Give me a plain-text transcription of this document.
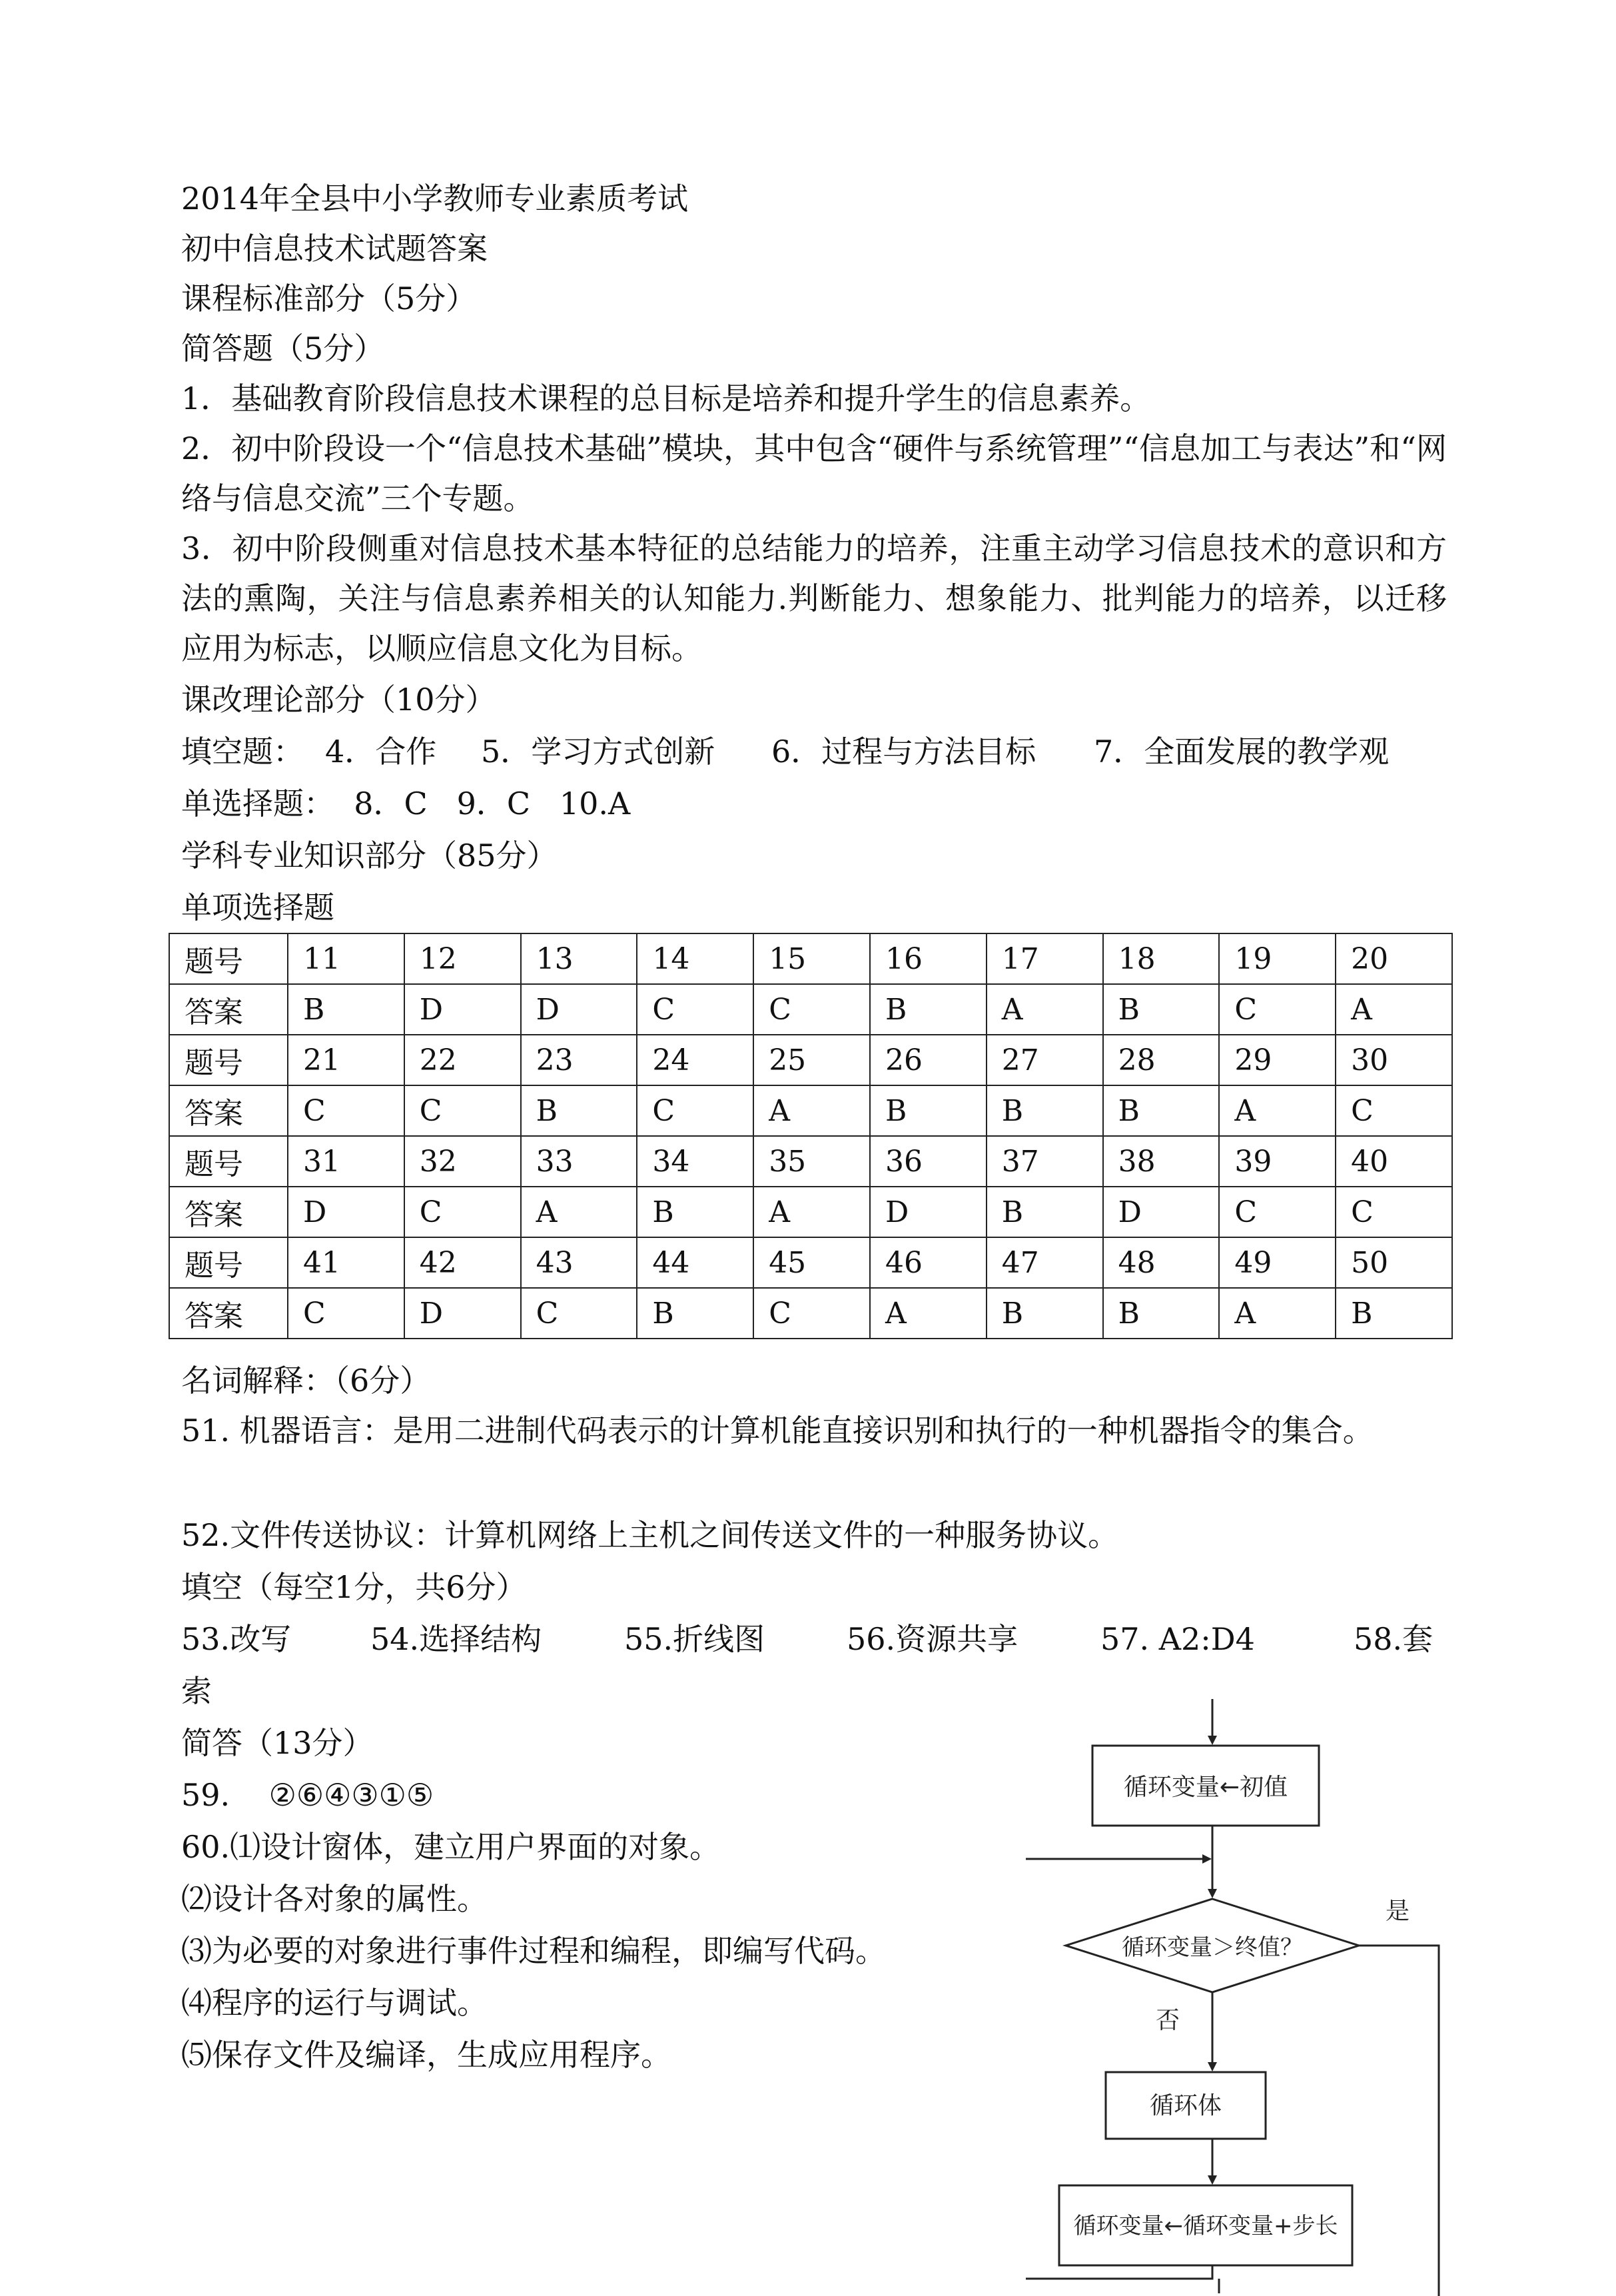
2014年全县中小学教师专业素质考试
初中信息技术试题答案
课程标准部分（5分）
简答题（5分）
1．基础教育阶段信息技术课程的总目标是培养和提升学生的信息素养。
2．初中阶段设一个“信息技术基础”模块，其中包含“硬件与系统管理”“信息加工与表达”和“网络与信息交流”三个专题。
3．初中阶段侧重对信息技术基本特征的总结能力的培养，注重主动学习信息技术的意识和方法的熏陶，关注与信息素养相关的认知能力.判断能力、想象能力、批判能力的培养，以迁移应用为标志，以顺应信息文化为目标。
课改理论部分（10分）
填空题： 4．合作 5．学习方式创新 6．过程与方法目标 7．全面发展的教学观
单选择题：  8．C   9．C   10.A
学科专业知识部分（85分）
单项选择题
题号	11	12	13	14	15	16	17	18	19	20
答案	B	D	D	C	C	B	A	B	C	A
题号	21	22	23	24	25	26	27	28	29	30
答案	C	C	B	C	A	B	B	B	A	C
题号	31	32	33	34	35	36	37	38	39	40
答案	D	C	A	B	A	D	B	D	C	C
题号	41	42	43	44	45	46	47	48	49	50
答案	C	D	C	B	C	A	B	B	A	B
名词解释：（6分）
51. 机器语言：是用二进制代码表示的计算机能直接识别和执行的一种机器指令的集合。
52.文件传送协议：计算机网络上主机之间传送文件的一种服务协议。
填空（每空1分，共6分）
53.改写	54.选择结构	55.折线图	56.资源共享	57. A2:D4	58.套
索
简答（13分）
59.    ②⑥④③①⑤
60.⑴设计窗体，建立用户界面的对象。
⑵设计各对象的属性。
⑶为必要的对象进行事件过程和编程，即编写代码。
⑷程序的运行与调试。
⑸保存文件及编译，生成应用程序。
循环变量←初值
循环变量＞终值？
是
否
循环体
循环变量←循环变量+步长
